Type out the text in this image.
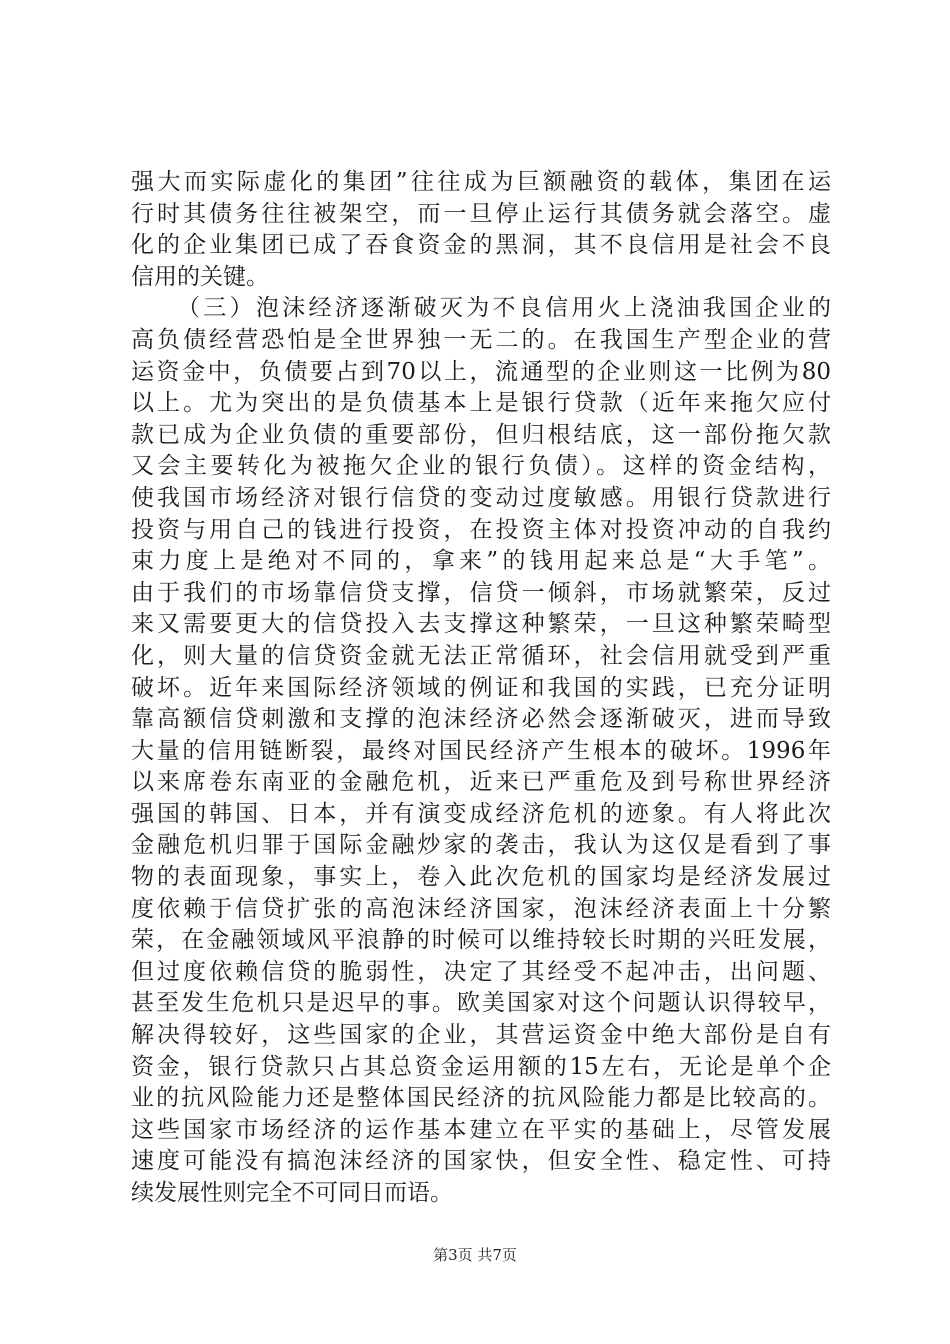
强大而实际虚化的集团”往往成为巨额融资的载体，集团在运
行时其债务往往被架空，而一旦停止运行其债务就会落空。虚
化的企业集团已成了吞食资金的黑洞，其不良信用是社会不良
信用的关键。
（三）泡沫经济逐渐破灭为不良信用火上浇油我国企业的
高负债经营恐怕是全世界独一无二的。在我国生产型企业的营
运资金中，负债要占到70以上，流通型的企业则这一比例为80
以上。尤为突出的是负债基本上是银行贷款（近年来拖欠应付
款已成为企业负债的重要部份，但归根结底，这一部份拖欠款
又会主要转化为被拖欠企业的银行负债）。这样的资金结构，
使我国市场经济对银行信贷的变动过度敏感。用银行贷款进行
投资与用自己的钱进行投资，在投资主体对投资冲动的自我约
束力度上是绝对不同的，拿来”的钱用起来总是“大手笔”。
由于我们的市场靠信贷支撑，信贷一倾斜，市场就繁荣，反过
来又需要更大的信贷投入去支撑这种繁荣，一旦这种繁荣畸型
化，则大量的信贷资金就无法正常循环，社会信用就受到严重
破坏。近年来国际经济领域的例证和我国的实践，已充分证明
靠高额信贷刺激和支撑的泡沫经济必然会逐渐破灭，进而导致
大量的信用链断裂，最终对国民经济产生根本的破坏。1996年
以来席卷东南亚的金融危机，近来已严重危及到号称世界经济
强国的韩国、日本，并有演变成经济危机的迹象。有人将此次
金融危机归罪于国际金融炒家的袭击，我认为这仅是看到了事
物的表面现象，事实上，卷入此次危机的国家均是经济发展过
度依赖于信贷扩张的高泡沫经济国家，泡沫经济表面上十分繁
荣，在金融领域风平浪静的时候可以维持较长时期的兴旺发展，
但过度依赖信贷的脆弱性，决定了其经受不起冲击，出问题、
甚至发生危机只是迟早的事。欧美国家对这个问题认识得较早，
解决得较好，这些国家的企业，其营运资金中绝大部份是自有
资金，银行贷款只占其总资金运用额的15左右，无论是单个企
业的抗风险能力还是整体国民经济的抗风险能力都是比较高的。
这些国家市场经济的运作基本建立在平实的基础上，尽管发展
速度可能没有搞泡沫经济的国家快，但安全性、稳定性、可持
续发展性则完全不可同日而语。
第3页 共7页
